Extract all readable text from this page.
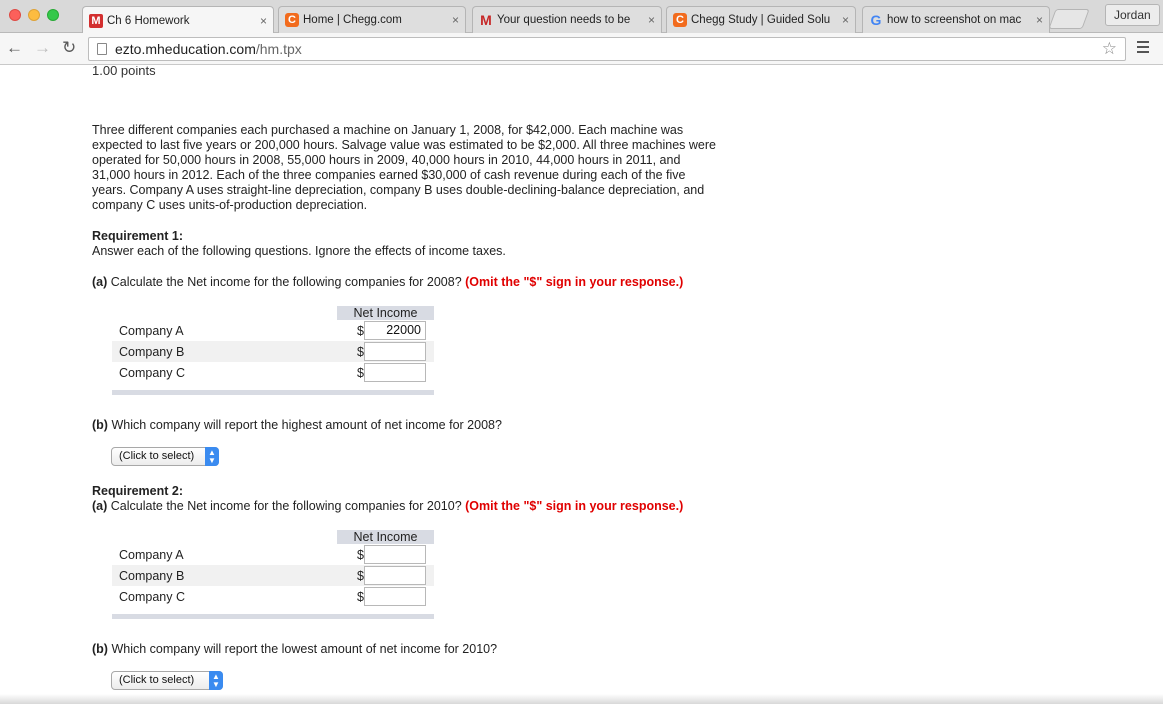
M Ch 6 Homework	× C Home | Chegg.com	× M Your question needs to be	× C Chegg Study | Guided Solu × G how to screenshot on mac	×	Jordan
← → ↻	ezto.mheducation.com/hm.tpx	☆
1.00 points
Three different companies each purchased a machine on January 1, 2008, for $42,000. Each machine was expected to last five years or 200,000 hours. Salvage value was estimated to be $2,000. All three machines were operated for 50,000 hours in 2008, 55,000 hours in 2009, 40,000 hours in 2010, 44,000 hours in 2011, and 31,000 hours in 2012. Each of the three companies earned $30,000 of cash revenue during each of the five years. Company A uses straight-line depreciation, company B uses double-declining-balance depreciation, and company C uses units-of-production depreciation.
Requirement 1:
Answer each of the following questions. Ignore the effects of income taxes.
(a) Calculate the Net income for the following companies for 2008? (Omit the "$" sign in your response.)
Net Income
Company A	$	22000
Company B	$
Company C	$
(b) Which company will report the highest amount of net income for 2008?
(Click to select)	▲
▼
Requirement 2:
(a) Calculate the Net income for the following companies for 2010? (Omit the "$" sign in your response.)
Net Income
Company A	$
Company B	$
Company C	$
(b) Which company will report the lowest amount of net income for 2010?
(Click to select)	▲
▼
